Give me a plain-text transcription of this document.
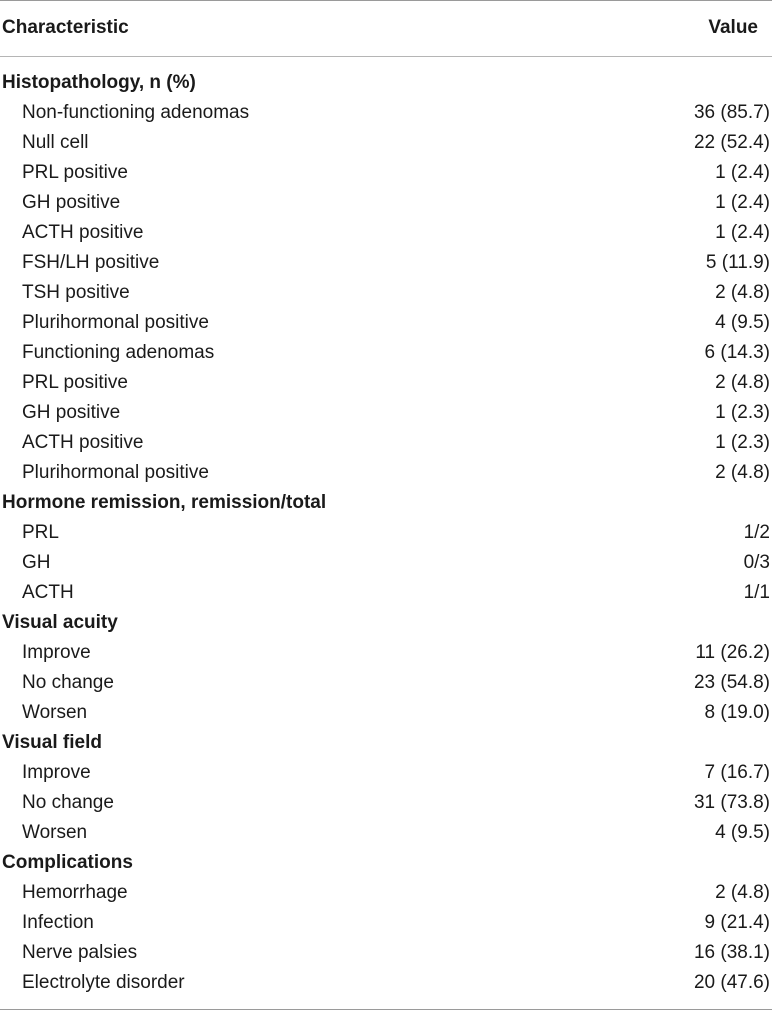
Characteristic	Value
Histopathology, n (%)
Non-functioning adenomas	36 (85.7)
Null cell	22 (52.4)
PRL positive	1 (2.4)
GH positive	1 (2.4)
ACTH positive	1 (2.4)
FSH/LH positive	5 (11.9)
TSH positive	2 (4.8)
Plurihormonal positive	4 (9.5)
Functioning adenomas	6 (14.3)
PRL positive	2 (4.8)
GH positive	1 (2.3)
ACTH positive	1 (2.3)
Plurihormonal positive	2 (4.8)
Hormone remission, remission/total
PRL	1/2
GH	0/3
ACTH	1/1
Visual acuity
Improve	11 (26.2)
No change	23 (54.8)
Worsen	8 (19.0)
Visual field
Improve	7 (16.7)
No change	31 (73.8)
Worsen	4 (9.5)
Complications
Hemorrhage	2 (4.8)
Infection	9 (21.4)
Nerve palsies	16 (38.1)
Electrolyte disorder	20 (47.6)
